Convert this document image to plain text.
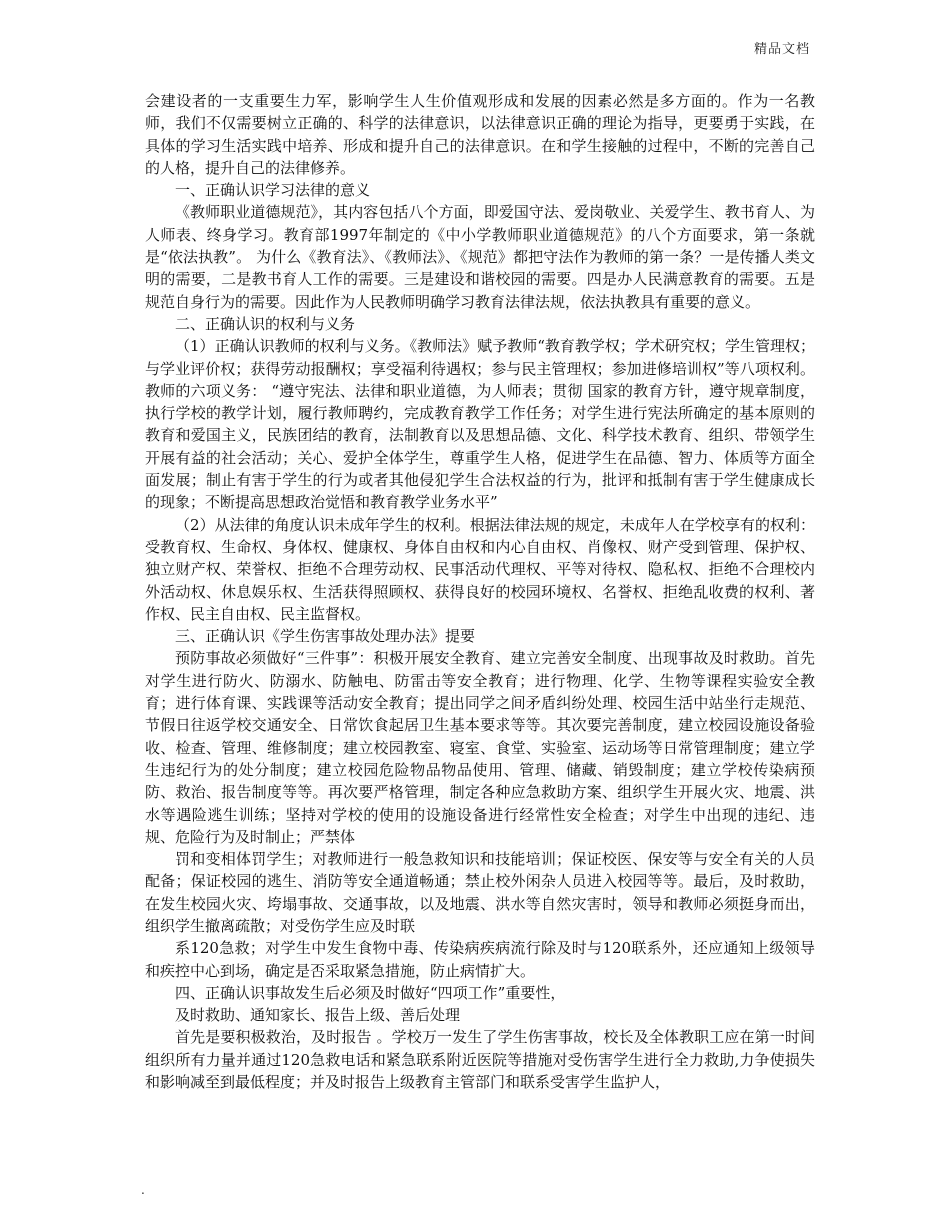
精品文档

会建设者的一支重要生力军，影响学生人生价值观形成和发展的因素必然是多方面的。作为一名教师，我们不仅需要树立正确的、科学的法律意识，以法律意识正确的理论为指导，更要勇于实践，在具体的学习生活实践中培养、形成和提升自己的法律意识。在和学生接触的过程中，不断的完善自己的人格，提升自己的法律修养。

一、正确认识学习法律的意义

《教师职业道德规范》，其内容包括八个方面，即爱国守法、爱岗敬业、关爱学生、教书育人、为人师表、终身学习。教育部1997年制定的《中小学教师职业道德规范》的八个方面要求，第一条就是“依法执教”。 为什么《教育法》、《教师法》、《规范》都把守法作为教师的第一条？一是传播人类文明的需要，二是教书育人工作的需要。三是建设和谐校园的需要。四是办人民满意教育的需要。五是规范自身行为的需要。因此作为人民教师明确学习教育法律法规，依法执教具有重要的意义。

二、正确认识的权利与义务

（1）正确认识教师的权利与义务。《教师法》赋予教师“教育教学权；学术研究权；学生管理权；与学业评价权；获得劳动报酬权；享受福利待遇权；参与民主管理权；参加进修培训权”等八项权利。教师的六项义务： “遵守宪法、法律和职业道德，为人师表；贯彻 国家的教育方针，遵守规章制度，执行学校的教学计划，履行教师聘约，完成教育教学工作任务；对学生进行宪法所确定的基本原则的教育和爱国主义，民族团结的教育，法制教育以及思想品德、文化、科学技术教育、组织、带领学生开展有益的社会活动；关心、爱护全体学生，尊重学生人格，促进学生在品德、智力、体质等方面全面发展；制止有害于学生的行为或者其他侵犯学生合法权益的行为，批评和抵制有害于学生健康成长的现象；不断提高思想政治觉悟和教育教学业务水平”

（2）从法律的角度认识未成年学生的权利。根据法律法规的规定，未成年人在学校享有的权利：受教育权、生命权、身体权、健康权、身体自由权和内心自由权、肖像权、财产受到管理、保护权、独立财产权、荣誉权、拒绝不合理劳动权、民事活动代理权、平等对待权、隐私权、拒绝不合理校内外活动权、休息娱乐权、生活获得照顾权、获得良好的校园环境权、名誉权、拒绝乱收费的权利、著作权、民主自由权、民主监督权。

三、正确认识《学生伤害事故处理办法》提要

预防事故必须做好“三件事”：积极开展安全教育、建立完善安全制度、出现事故及时救助。首先对学生进行防火、防溺水、防触电、防雷击等安全教育；进行物理、化学、生物等课程实验安全教育；进行体育课、实践课等活动安全教育；提出同学之间矛盾纠纷处理、校园生活中站坐行走规范、节假日往返学校交通安全、日常饮食起居卫生基本要求等等。其次要完善制度，建立校园设施设备验收、检查、管理、维修制度；建立校园教室、寝室、食堂、实验室、运动场等日常管理制度；建立学生违纪行为的处分制度；建立校园危险物品物品使用、管理、储藏、销毁制度；建立学校传染病预防、救治、报告制度等等。再次要严格管理，制定各种应急救助方案、组织学生开展火灾、地震、洪水等遇险逃生训练；坚持对学校的使用的设施设备进行经常性安全检查；对学生中出现的违纪、违规、危险行为及时制止；严禁体

罚和变相体罚学生；对教师进行一般急救知识和技能培训；保证校医、保安等与安全有关的人员配备；保证校园的逃生、消防等安全通道畅通；禁止校外闲杂人员进入校园等等。最后，及时救助，在发生校园火灾、垮塌事故、交通事故，以及地震、洪水等自然灾害时，领导和教师必须挺身而出，组织学生撤离疏散；对受伤学生应及时联

系120急救；对学生中发生食物中毒、传染病疾病流行除及时与120联系外，还应通知上级领导和疾控中心到场，确定是否采取紧急措施，防止病情扩大。

四、正确认识事故发生后必须及时做好“四项工作”重要性，

及时救助、通知家长、报告上级、善后处理

首先是要积极救治，及时报告 。学校万一发生了学生伤害事故，校长及全体教职工应在第一时间组织所有力量并通过120急救电话和紧急联系附近医院等措施对受伤害学生进行全力救助,力争使损失和影响减至到最低程度；并及时报告上级教育主管部门和联系受害学生监护人，

.
